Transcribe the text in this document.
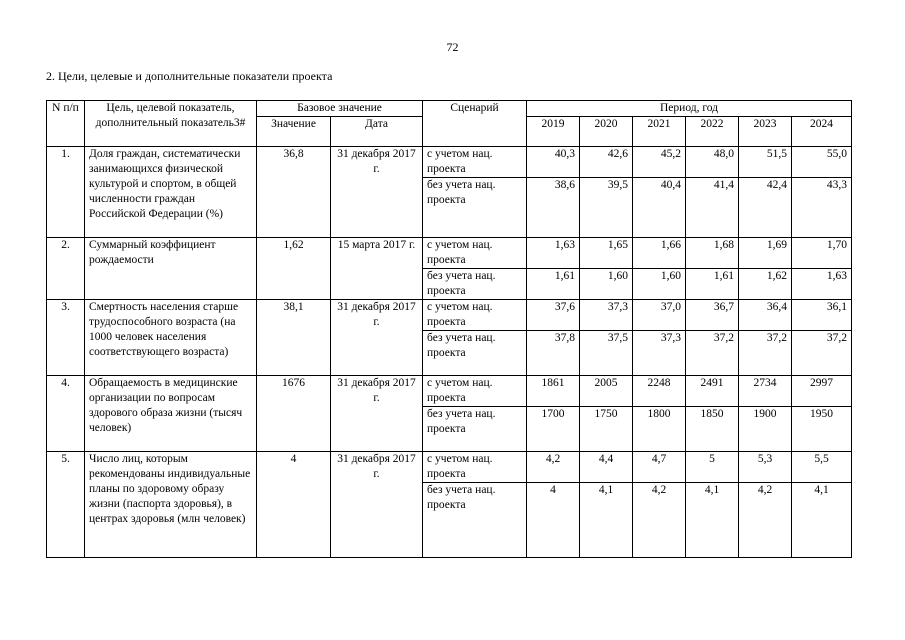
72
2. Цели, целевые и дополнительные показатели проекта
N п/п	Цель, целевой показатель, дополнительный показатель3#	Базовое значение		Сценарий	Период, год					
		Значение	Дата		2019	2020	2021	2022	2023	2024
1.	Доля граждан, систематически занимающихся физической культурой и спортом, в общей численности граждан Российской Федерации (%)	36,8	31 декабря 2017 г.	с учетом нац. проекта	40,3	42,6	45,2	48,0	51,5	55,0
				без учета нац. проекта	38,6	39,5	40,4	41,4	42,4	43,3
2.	Суммарный коэффициент рождаемости	1,62	15 марта 2017 г.	с учетом нац. проекта	1,63	1,65	1,66	1,68	1,69	1,70
				без учета нац. проекта	1,61	1,60	1,60	1,61	1,62	1,63
3.	Смертность населения старше трудоспособного возраста (на 1000 человек населения соответствующего возраста)	38,1	31 декабря 2017 г.	с учетом нац. проекта	37,6	37,3	37,0	36,7	36,4	36,1
				без учета нац. проекта	37,8	37,5	37,3	37,2	37,2	37,2
4.	Обращаемость в медицинские организации по вопросам здорового образа жизни (тысяч человек)	1676	31 декабря 2017 г.	с учетом нац. проекта	1861	2005	2248	2491	2734	2997
				без учета нац. проекта	1700	1750	1800	1850	1900	1950
5.	Число лиц, которым рекомендованы индивидуальные планы по здоровому образу жизни (паспорта здоровья), в центрах здоровья (млн человек)	4	31 декабря 2017 г.	с учетом нац. проекта	4,2	4,4	4,7	5	5,3	5,5
				без учета нац. проекта	4	4,1	4,2	4,1	4,2	4,1
